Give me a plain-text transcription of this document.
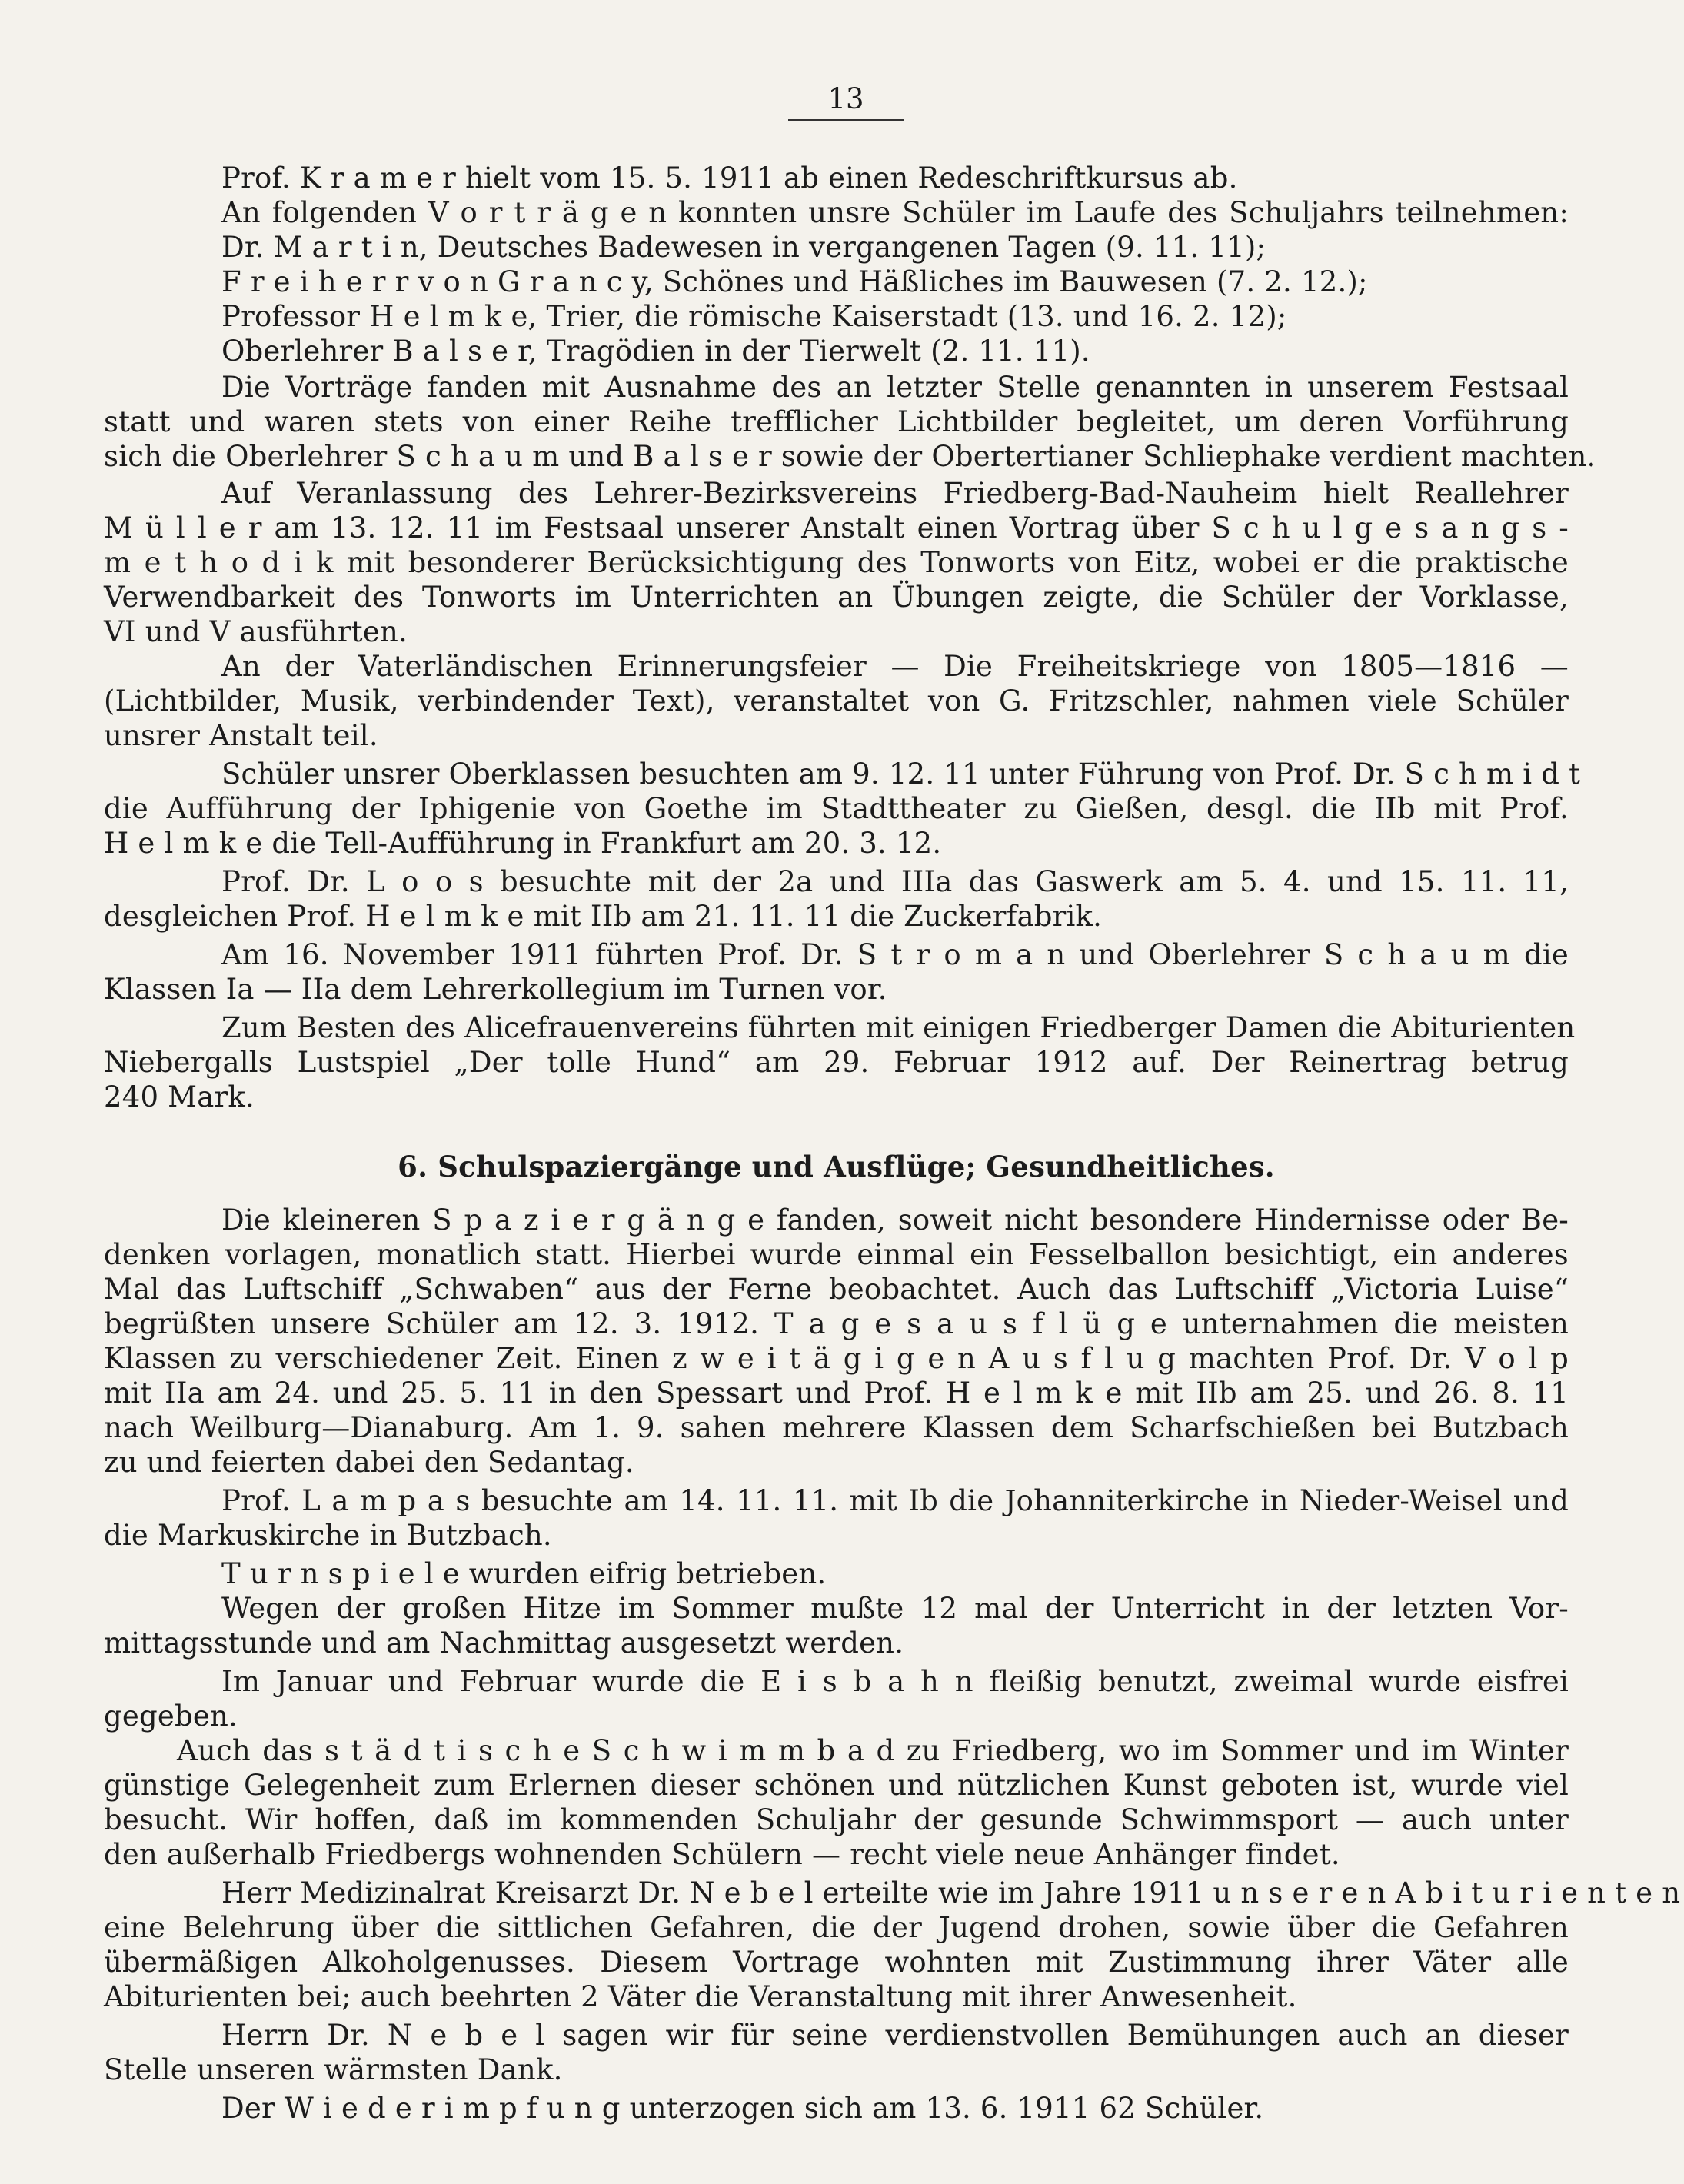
13
Prof. K r a m e r hielt vom 15. 5. 1911 ab einen Redeschriftkursus ab.
An folgenden V o r t r ä g e n konnten unsre Schüler im Laufe des Schuljahrs teilnehmen:
Dr. M a r t i n, Deutsches Badewesen in vergangenen Tagen (9. 11. 11);
F r e i h e r r v o n G r a n c y, Schönes und Häßliches im Bauwesen (7. 2. 12.);
Professor H e l m k e, Trier, die römische Kaiserstadt (13. und 16. 2. 12);
Oberlehrer B a l s e r, Tragödien in der Tierwelt (2. 11. 11).
Die Vorträge fanden mit Ausnahme des an letzter Stelle genannten in unserem Festsaal
statt und waren stets von einer Reihe trefflicher Lichtbilder begleitet, um deren Vorführung
sich die Oberlehrer S c h a u m und B a l s e r sowie der Obertertianer Schliephake verdient machten.
Auf Veranlassung des Lehrer-Bezirksvereins Friedberg-Bad-Nauheim hielt Reallehrer
M ü l l e r am 13. 12. 11 im Festsaal unserer Anstalt einen Vortrag über S c h u l g e s a n g s -
m e t h o d i k mit besonderer Berücksichtigung des Tonworts von Eitz, wobei er die praktische
Verwendbarkeit des Tonworts im Unterrichten an Übungen zeigte, die Schüler der Vorklasse,
VI und V ausführten.
An der Vaterländischen Erinnerungsfeier — Die Freiheitskriege von 1805—1816 —
(Lichtbilder, Musik, verbindender Text), veranstaltet von G. Fritzschler, nahmen viele Schüler
unsrer Anstalt teil.
Schüler unsrer Oberklassen besuchten am 9. 12. 11 unter Führung von Prof. Dr. S c h m i d t
die Aufführung der Iphigenie von Goethe im Stadttheater zu Gießen, desgl. die IIb mit Prof.
H e l m k e die Tell-Aufführung in Frankfurt am 20. 3. 12.
Prof. Dr. L o o s besuchte mit der 2a und IIIa das Gaswerk am 5. 4. und 15. 11. 11,
desgleichen Prof. H e l m k e mit IIb am 21. 11. 11 die Zuckerfabrik.
Am 16. November 1911 führten Prof. Dr. S t r o m a n und Oberlehrer S c h a u m die
Klassen Ia — IIa dem Lehrerkollegium im Turnen vor.
Zum Besten des Alicefrauenvereins führten mit einigen Friedberger Damen die Abiturienten
Niebergalls Lustspiel „Der tolle Hund“ am 29. Februar 1912 auf. Der Reinertrag betrug
240 Mark.
6. Schulspaziergänge und Ausflüge; Gesundheitliches.
Die kleineren S p a z i e r g ä n g e fanden, soweit nicht besondere Hindernisse oder Be-
denken vorlagen, monatlich statt. Hierbei wurde einmal ein Fesselballon besichtigt, ein anderes
Mal das Luftschiff „Schwaben“ aus der Ferne beobachtet. Auch das Luftschiff „Victoria Luise“
begrüßten unsere Schüler am 12. 3. 1912. T a g e s a u s f l ü g e unternahmen die meisten
Klassen zu verschiedener Zeit. Einen z w e i t ä g i g e n A u s f l u g machten Prof. Dr. V o l p
mit IIa am 24. und 25. 5. 11 in den Spessart und Prof. H e l m k e mit IIb am 25. und 26. 8. 11
nach Weilburg—Dianaburg. Am 1. 9. sahen mehrere Klassen dem Scharfschießen bei Butzbach
zu und feierten dabei den Sedantag.
Prof. L a m p a s besuchte am 14. 11. 11. mit Ib die Johanniterkirche in Nieder-Weisel und
die Markuskirche in Butzbach.
T u r n s p i e l e wurden eifrig betrieben.
Wegen der großen Hitze im Sommer mußte 12 mal der Unterricht in der letzten Vor-
mittagsstunde und am Nachmittag ausgesetzt werden.
Im Januar und Februar wurde die E i s b a h n fleißig benutzt, zweimal wurde eisfrei
gegeben.
Auch das s t ä d t i s c h e S c h w i m m b a d zu Friedberg, wo im Sommer und im Winter
günstige Gelegenheit zum Erlernen dieser schönen und nützlichen Kunst geboten ist, wurde viel
besucht. Wir hoffen, daß im kommenden Schuljahr der gesunde Schwimmsport — auch unter
den außerhalb Friedbergs wohnenden Schülern — recht viele neue Anhänger findet.
Herr Medizinalrat Kreisarzt Dr. N e b e l erteilte wie im Jahre 1911 u n s e r e n A b i t u r i e n t e n
eine Belehrung über die sittlichen Gefahren, die der Jugend drohen, sowie über die Gefahren
übermäßigen Alkoholgenusses. Diesem Vortrage wohnten mit Zustimmung ihrer Väter alle
Abiturienten bei; auch beehrten 2 Väter die Veranstaltung mit ihrer Anwesenheit.
Herrn Dr. N e b e l sagen wir für seine verdienstvollen Bemühungen auch an dieser
Stelle unseren wärmsten Dank.
Der W i e d e r i m p f u n g unterzogen sich am 13. 6. 1911 62 Schüler.
